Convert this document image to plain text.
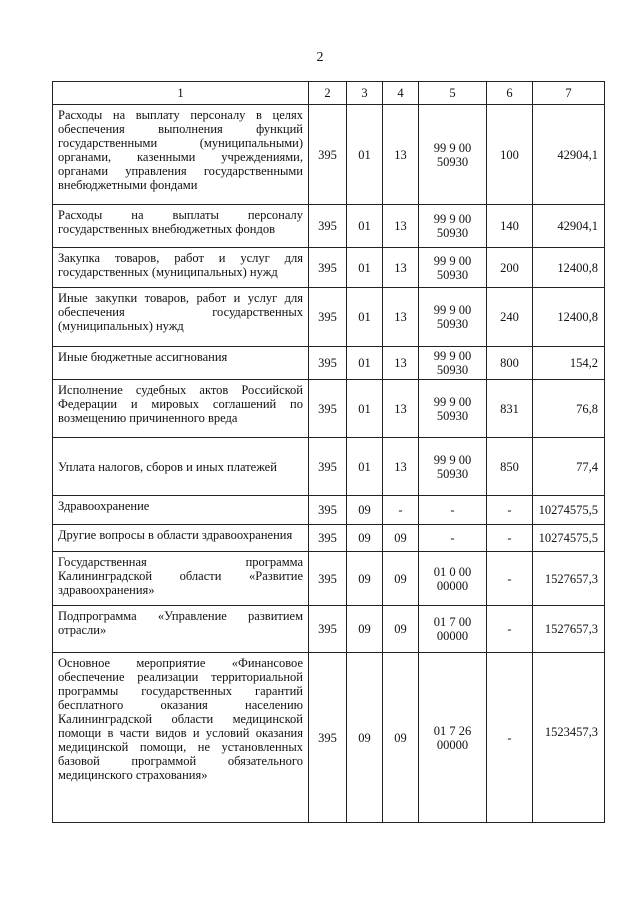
2
1	2	3	4	5	6	7
Расходы на выплату персоналу в целях обеспечения выполнения функций государственными (муниципальными) органами, казенными учреждениями, органами управления государственными внебюджетными фондами	395	01	13	99 9 00 50930	100	42904,1
Расходы на выплаты персоналу государственных внебюджетных фондов	395	01	13	99 9 00 50930	140	42904,1
Закупка товаров, работ и услуг для государственных (муниципальных) нужд	395	01	13	99 9 00 50930	200	12400,8
Иные закупки товаров, работ и услуг для обеспечения государственных (муниципальных) нужд	395	01	13	99 9 00 50930	240	12400,8
Иные бюджетные ассигнования	395	01	13	99 9 00 50930	800	154,2
Исполнение судебных актов Российской Федерации и мировых соглашений по возмещению причиненного вреда	395	01	13	99 9 00 50930	831	76,8
Уплата налогов, сборов и иных платежей	395	01	13	99 9 00 50930	850	77,4
Здравоохранение	395	09	-	-	-	10274575,5
Другие вопросы в области здравоохранения	395	09	09	-	-	10274575,5
Государственная программа Калининградской области «Развитие здравоохранения»	395	09	09	01 0 00 00000	-	1527657,3
Подпрограмма «Управление развитием отрасли»	395	09	09	01 7 00 00000	-	1527657,3
Основное мероприятие «Финансовое обеспечение реализации территориальной программы государственных гарантий бесплатного оказания населению Калининградской области медицинской помощи в части видов и условий оказания медицинской помощи, не установленных базовой программой обязательного медицинского страхования»	395	09	09	01 7 26 00000	-	1523457,3
